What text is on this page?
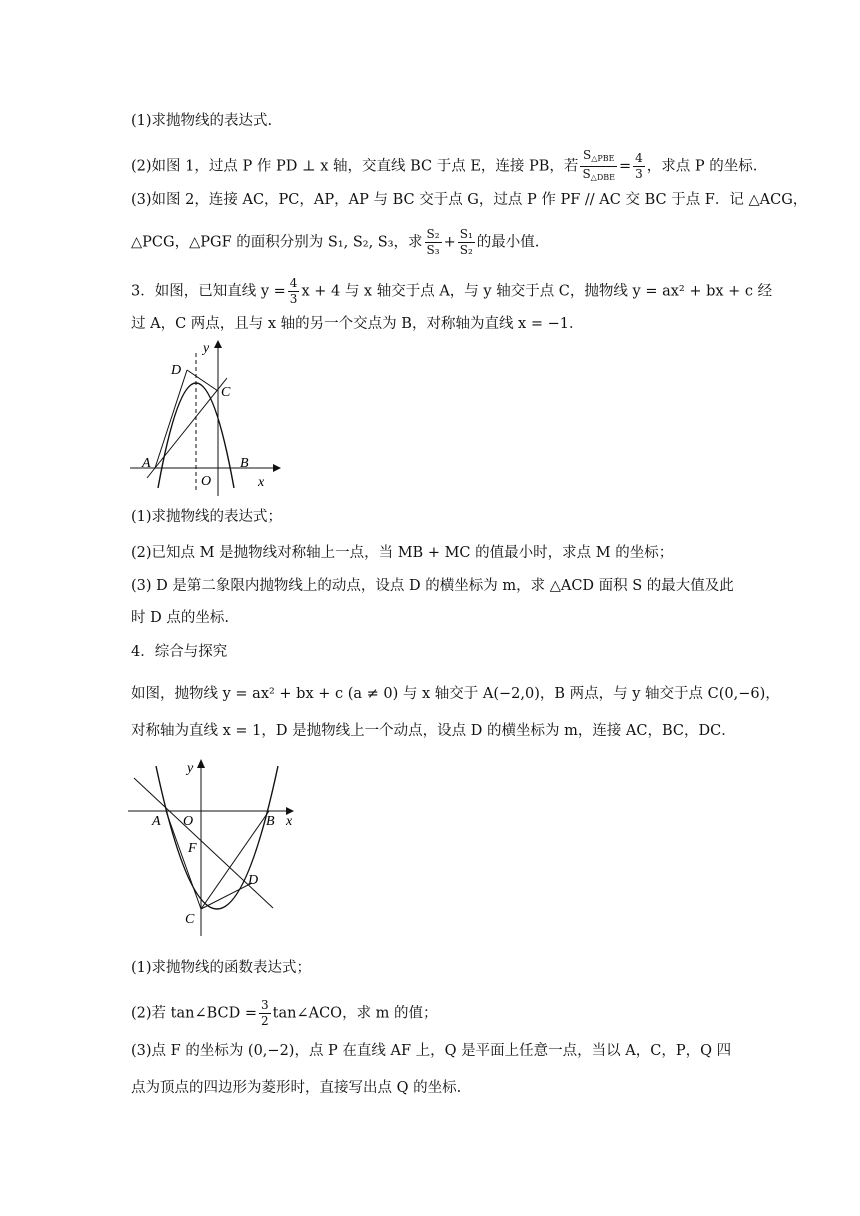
(1)求抛物线的表达式.
(2)如图 1，过点 P 作 PD ⊥ x 轴，交直线 BC 于点 E，连接 PB，若 $\frac{S_{\triangle PBE}}{S_{\triangle DBE}} = \frac{4}{3}$ ，求点 P 的坐标.
(3)如图 2，连接 AC，PC，AP，AP 与 BC 交于点 G，过点 P 作 PF // AC 交 BC 于点 F．记 △ACG，
△PCG，△PGF 的面积分别为 S₁, S₂, S₃，求 $\frac{\text{S₂}}{\text{S₃}} + \frac{\text{S₁}}{\text{S₂}}$ 的最小值.
3．如图，已知直线 $y = \frac{4}{3}$ x + 4 与 x 轴交于点 A，与 y 轴交于点 C，抛物线 y = ax² + bx + c 经
过 A，C 两点，且与 x 轴的另一个交点为 B，对称轴为直线 x = −1．
y
D
C
A
O
B
x
(1)求抛物线的表达式；
(2)已知点 M 是抛物线对称轴上一点，当 MB + MC 的值最小时，求点 M 的坐标；
(3) D 是第二象限内抛物线上的动点，设点 D 的横坐标为 m，求 △ACD 面积 S 的最大值及此
时 D 点的坐标.
4．综合与探究
如图，抛物线 y = ax² + bx + c (a ≠ 0) 与 x 轴交于 A(−2,0)，B 两点，与 y 轴交于点 C(0,−6)，
对称轴为直线 x = 1，D 是抛物线上一个动点，设点 D 的横坐标为 m，连接 AC，BC，DC．
y
A O	B x
F
D
C
(1)求抛物线的函数表达式；
(2)若 tan∠BCD = $\frac{3}{2}$ tan∠ACO，求 m 的值；
(3)点 F 的坐标为 (0,−2)，点 P 在直线 AF 上，Q 是平面上任意一点，当以 A，C，P，Q 四
点为顶点的四边形为菱形时，直接写出点 Q 的坐标.
